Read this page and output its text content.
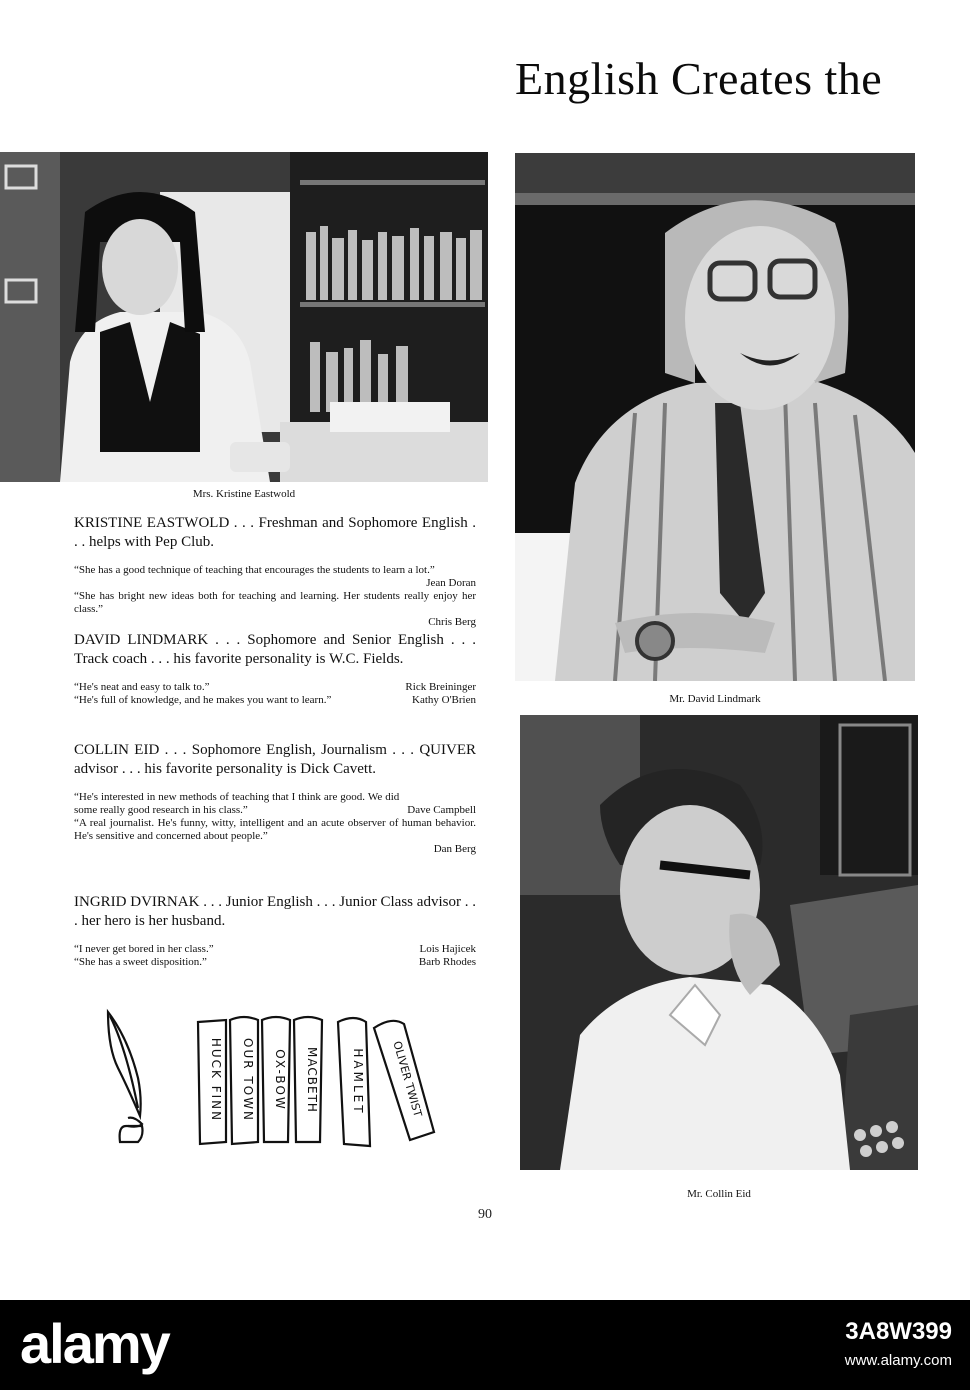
English Creates the
Mrs. Kristine Eastwold
Mr. David Lindmark
Mr. Collin Eid

KRISTINE EASTWOLD . . . Freshman and Sophomore English . . . helps with Pep Club.

“She has a good technique of teaching that encourages the students to learn a lot.”

Jean Doran

“She has bright new ideas both for teaching and learning. Her students really enjoy her class.”

Chris Berg

DAVID LINDMARK . . . Sophomore and Senior English . . . Track coach . . . his favorite personality is W.C. Fields.

“He's neat and easy to talk to.”	Rick Breininger
“He's full of knowledge, and he makes you want to learn.”	Kathy O'Brien

COLLIN EID . . . Sophomore English, Journalism . . . QUIVER advisor . . . his favorite personality is Dick Cavett.

Dave Campbell
“He's interested in new methods of teaching that I think are good. We did some really good research in his class.”

“A real journalist. He's funny, witty, intelligent and an acute observer of human behavior. He's sensitive and concerned about people.”

Dan Berg

INGRID DVIRNAK . . . Junior English . . . Junior Class advisor . . . her hero is her husband.

“I never get bored in her class.”	Lois Hajicek
“She has a sweet disposition.”	Barb Rhodes
HUCK FINN OUR TOWN OX-BOW MACBETH	HAMLET OLIVER TWIST
90
alamy	3A8W399
www.alamy.com
